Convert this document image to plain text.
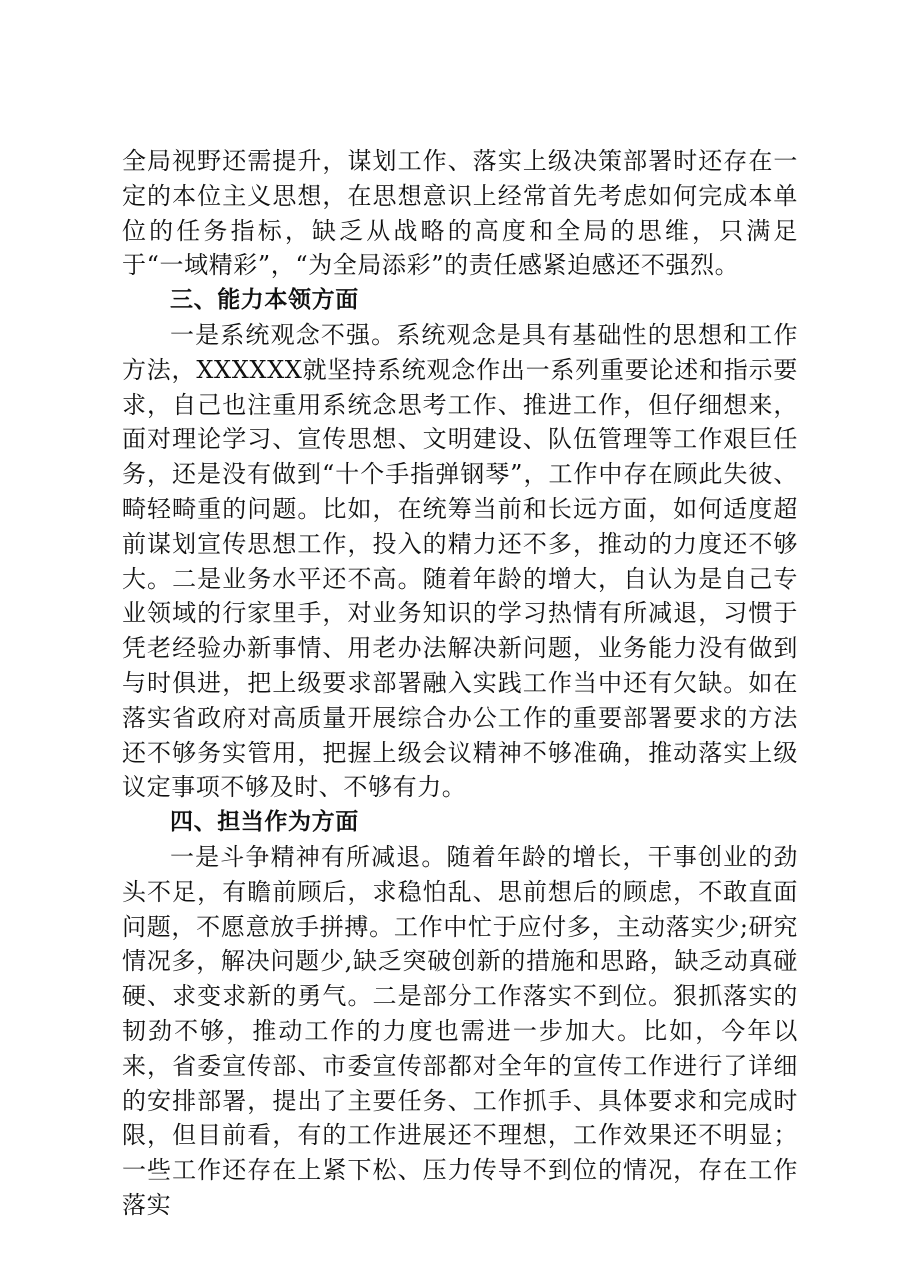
全局视野还需提升，谋划工作、落实上级决策部署时还存在一定的本位主义思想，在思想意识上经常首先考虑如何完成本单位的任务指标，缺乏从战略的高度和全局的思维，只满足于“一域精彩”，“为全局添彩”的责任感紧迫感还不强烈。

三、能力本领方面

一是系统观念不强。系统观念是具有基础性的思想和工作方法，XXXXXX就坚持系统观念作出一系列重要论述和指示要求，自己也注重用系统念思考工作、推进工作，但仔细想来，面对理论学习、宣传思想、文明建设、队伍管理等工作艰巨任务，还是没有做到“十个手指弹钢琴”，工作中存在顾此失彼、畸轻畸重的问题。比如，在统筹当前和长远方面，如何适度超前谋划宣传思想工作，投入的精力还不多，推动的力度还不够大。二是业务水平还不高。随着年龄的增大，自认为是自己专业领域的行家里手，对业务知识的学习热情有所减退，习惯于凭老经验办新事情、用老办法解决新问题，业务能力没有做到与时俱进，把上级要求部署融入实践工作当中还有欠缺。如在落实省政府对高质量开展综合办公工作的重要部署要求的方法还不够务实管用，把握上级会议精神不够准确，推动落实上级议定事项不够及时、不够有力。

四、担当作为方面

一是斗争精神有所减退。随着年龄的增长，干事创业的劲头不足，有瞻前顾后，求稳怕乱、思前想后的顾虑，不敢直面问题，不愿意放手拼搏。工作中忙于应付多，主动落实少;研究情况多，解决问题少,缺乏突破创新的措施和思路，缺乏动真碰硬、求变求新的勇气。二是部分工作落实不到位。狠抓落实的韧劲不够，推动工作的力度也需进一步加大。比如，今年以来，省委宣传部、市委宣传部都对全年的宣传工作进行了详细的安排部署，提出了主要任务、工作抓手、具体要求和完成时限，但目前看，有的工作进展还不理想，工作效果还不明显；一些工作还存在上紧下松、压力传导不到位的情况，存在工作落实
